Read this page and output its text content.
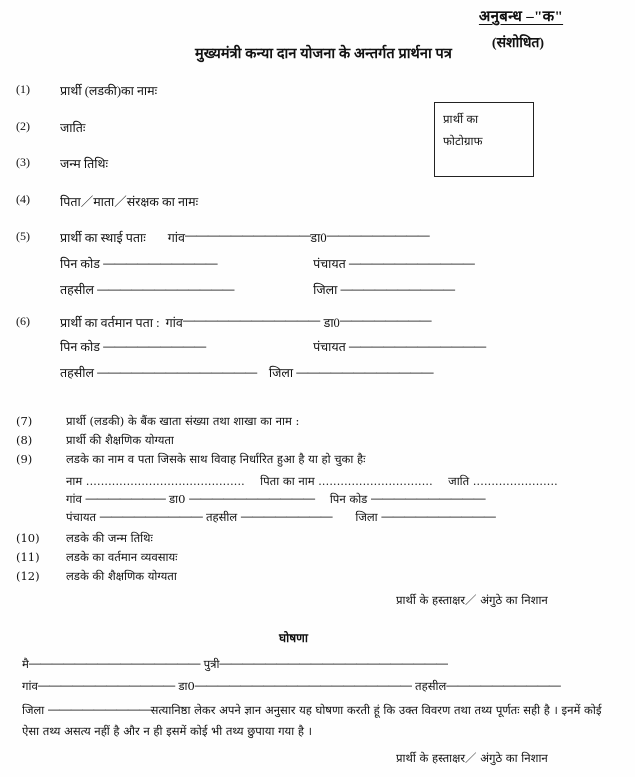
अनुबन्ध –"क"
(संशोधित)
मुख्यमंत्री कन्या दान योजना के अन्तर्गत प्रार्थना पत्र
प्रार्थी का
फोटोग्राफ
(1)	प्रार्थी (लडकी)का नामः
(2)	जातिः
(3)	जन्म तिथिः
(4)	पिता／माता／संरक्षक का नामः
(5)	प्रार्थी का स्थाई पताः गांव ——————————— डा0 —————————
पिन कोड ——————————	पंचायत ———————————
तहसील ————————————	जिला ——————————
(6)	प्रार्थी का वर्तमान पता : गांव ———————————— डा0 ————————
पिन कोड —————————	पंचायत ————————————
तहसील —————————————— जिला ————————————
(7)	प्रार्थी (लडकी) के बैंक खाता संख्या तथा शाखा का नाम :
(8)	प्रार्थी की शैक्षणिक योग्यता
(9)	लडके का नाम व पता जिसके साथ विवाह निर्धारित हुआ है या हो चुका हैः
नाम ........................................... पिता का नाम ............................... जाति .......................
गांव ——————— डा0 ——————————— पिन कोड ——————————
पंचायत ————————— तहसील ———————— जिला ——————————
(10)	लडके की जन्म तिथिः
(11)	लडके का वर्तमान व्यवसायः
(12)	लडके की शैक्षणिक योग्यता
प्रार्थी के हस्ताक्षर／ अंगुठे का निशान
घोषणा
मै——————————————— पुत्री————————————————————
गांव———————————— डा0——————————————————— तहसील——————————
जिला —————————सत्यानिष्ठा लेकर अपने ज्ञान अनुसार यह घोषणा करती हूं कि उक्त विवरण तथा तथ्य पूर्णतः सही है । इनमें कोई ऐसा तथ्य असत्य नहीं है और न ही इसमें कोई भी तथ्य छुपाया गया है ।
प्रार्थी के हस्ताक्षर／ अंगुठे का निशान
